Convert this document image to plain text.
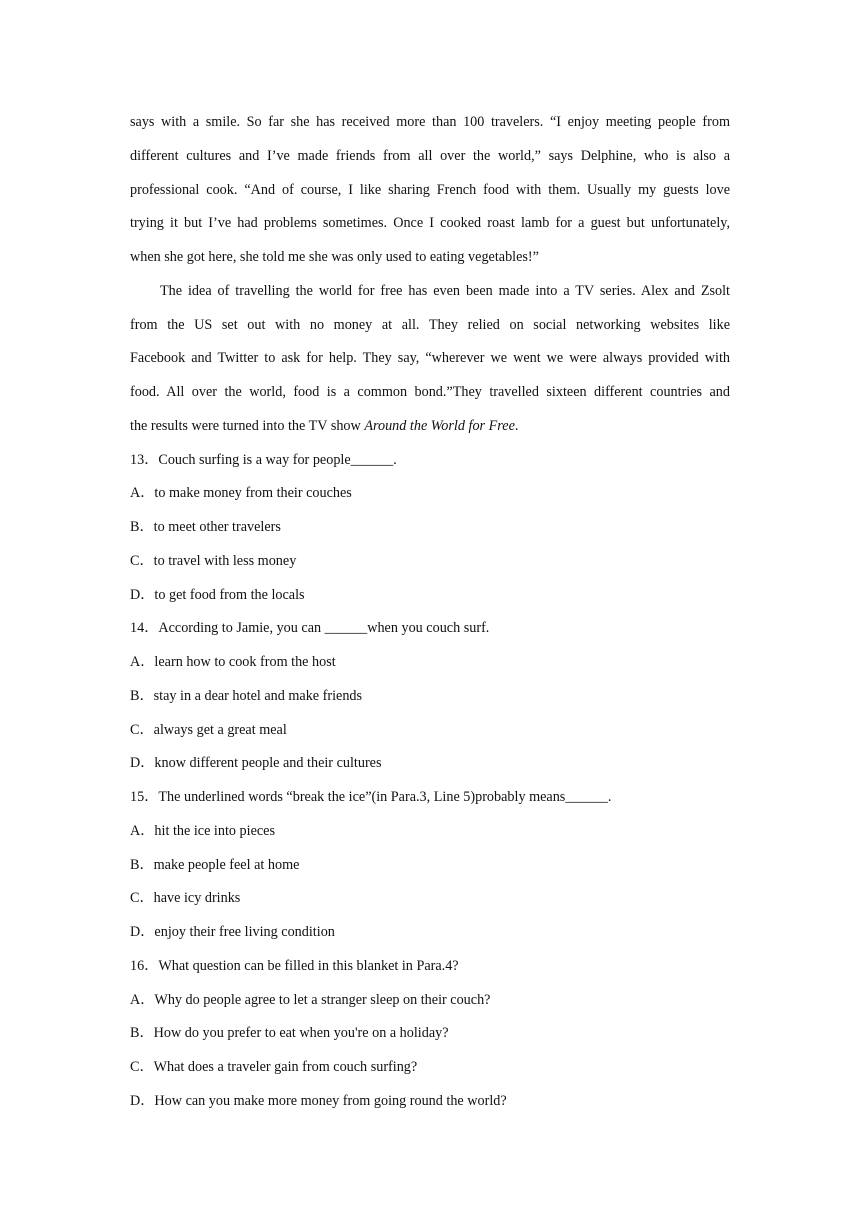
says with a smile. So far she has received more than 100 travelers. “I enjoy meeting people from
different cultures and I’ve made friends from all over the world,” says Delphine, who is also a
professional cook. “And of course, I like sharing French food with them. Usually my guests love
trying it but I’ve had problems sometimes. Once I cooked roast lamb for a guest but unfortunately,
when she got here, she told me she was only used to eating vegetables!”
The idea of travelling the world for free has even been made into a TV series. Alex and Zsolt
from the US set out with no money at all. They relied on social networking websites like
Facebook and Twitter to ask for help. They say, “wherever we went we were always provided with
food. All over the world, food is a common bond.”They travelled sixteen different countries and
the results were turned into the TV show Around the World for Free.
13．Couch surfing is a way for people______.
A．to make money from their couches
B．to meet other travelers
C．to travel with less money
D．to get food from the locals
14．According to Jamie, you can ______when you couch surf.
A．learn how to cook from the host
B．stay in a dear hotel and make friends
C．always get a great meal
D．know different people and their cultures
15．The underlined words “break the ice”(in Para.3, Line 5)probably means______.
A．hit the ice into pieces
B．make people feel at home
C．have icy drinks
D．enjoy their free living condition
16．What question can be filled in this blanket in Para.4?
A．Why do people agree to let a stranger sleep on their couch?
B．How do you prefer to eat when you're on a holiday?
C．What does a traveler gain from couch surfing?
D．How can you make more money from going round the world?
